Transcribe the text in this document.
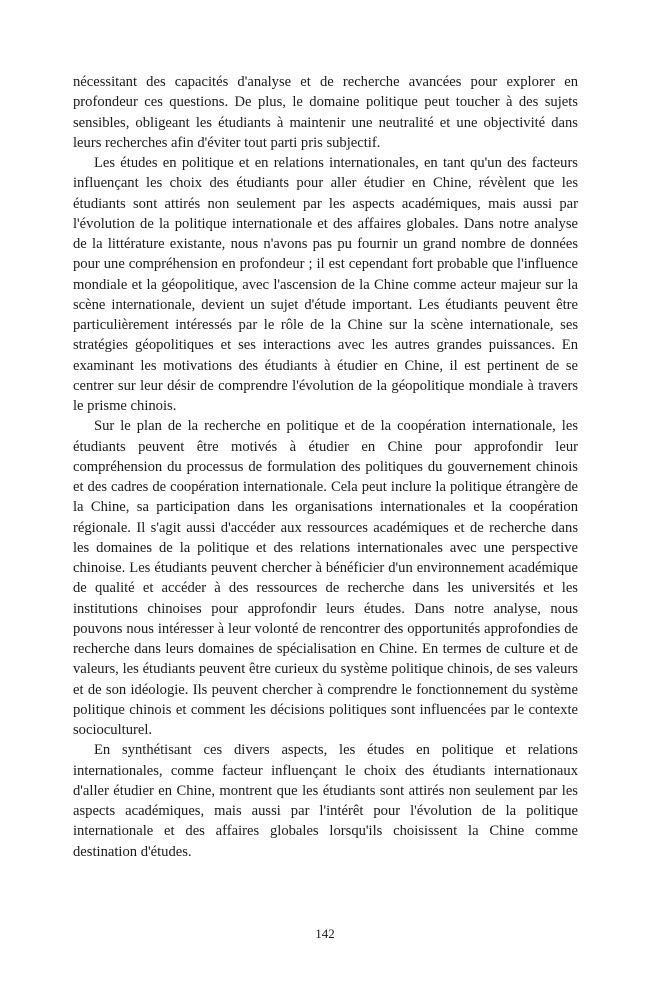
nécessitant des capacités d'analyse et de recherche avancées pour explorer en profondeur ces questions. De plus, le domaine politique peut toucher à des sujets sensibles, obligeant les étudiants à maintenir une neutralité et une objectivité dans leurs recherches afin d'éviter tout parti pris subjectif.

Les études en politique et en relations internationales, en tant qu'un des facteurs influençant les choix des étudiants pour aller étudier en Chine, révèlent que les étudiants sont attirés non seulement par les aspects académiques, mais aussi par l'évolution de la politique internationale et des affaires globales. Dans notre analyse de la littérature existante, nous n'avons pas pu fournir un grand nombre de données pour une compréhension en profondeur ; il est cependant fort probable que l'influence mondiale et la géopolitique, avec l'ascension de la Chine comme acteur majeur sur la scène internationale, devient un sujet d'étude important. Les étudiants peuvent être particulièrement intéressés par le rôle de la Chine sur la scène internationale, ses stratégies géopolitiques et ses interactions avec les autres grandes puissances. En examinant les motivations des étudiants à étudier en Chine, il est pertinent de se centrer sur leur désir de comprendre l'évolution de la géopolitique mondiale à travers le prisme chinois.

Sur le plan de la recherche en politique et de la coopération internationale, les étudiants peuvent être motivés à étudier en Chine pour approfondir leur compréhension du processus de formulation des politiques du gouvernement chinois et des cadres de coopération internationale. Cela peut inclure la politique étrangère de la Chine, sa participation dans les organisations internationales et la coopération régionale. Il s'agit aussi d'accéder aux ressources académiques et de recherche dans les domaines de la politique et des relations internationales avec une perspective chinoise. Les étudiants peuvent chercher à bénéficier d'un environnement académique de qualité et accéder à des ressources de recherche dans les universités et les institutions chinoises pour approfondir leurs études. Dans notre analyse, nous pouvons nous intéresser à leur volonté de rencontrer des opportunités approfondies de recherche dans leurs domaines de spécialisation en Chine. En termes de culture et de valeurs, les étudiants peuvent être curieux du système politique chinois, de ses valeurs et de son idéologie. Ils peuvent chercher à comprendre le fonctionnement du système politique chinois et comment les décisions politiques sont influencées par le contexte socioculturel.

En synthétisant ces divers aspects, les études en politique et relations internationales, comme facteur influençant le choix des étudiants internationaux d'aller étudier en Chine, montrent que les étudiants sont attirés non seulement par les aspects académiques, mais aussi par l'intérêt pour l'évolution de la politique internationale et des affaires globales lorsqu'ils choisissent la Chine comme destination d'études.

142
